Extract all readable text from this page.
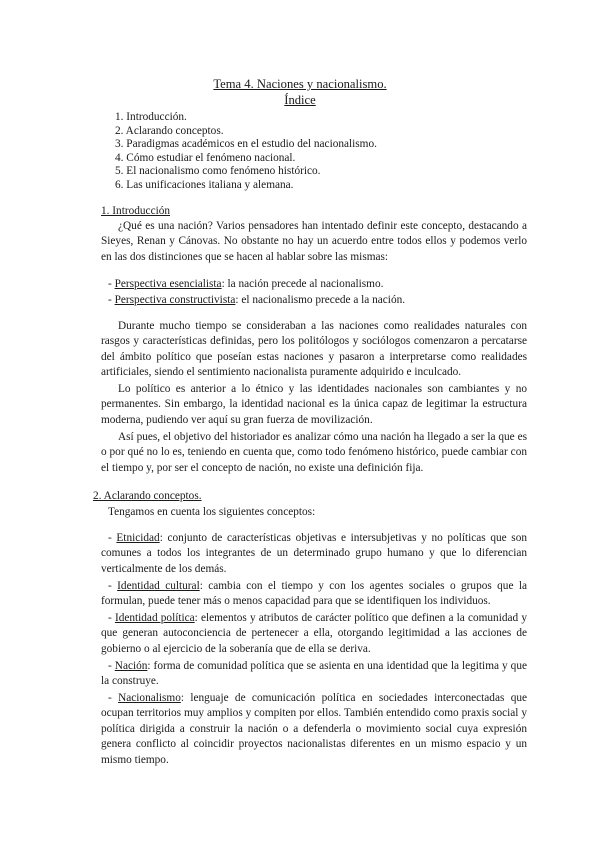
Tema 4. Naciones y nacionalismo.
Índice
1. Introducción.
2. Aclarando conceptos.
3. Paradigmas académicos en el estudio del nacionalismo.
4. Cómo estudiar el fenómeno nacional.
5. El nacionalismo como fenómeno histórico.
6. Las unificaciones italiana y alemana.
1. Introducción

¿Qué es una nación? Varios pensadores han intentado definir este concepto, destacando a Sieyes, Renan y Cánovas. No obstante no hay un acuerdo entre todos ellos y podemos verlo en las dos distinciones que se hacen al hablar sobre las mismas:

- Perspectiva esencialista: la nación precede al nacionalismo.
- Perspectiva constructivista: el nacionalismo precede a la nación.

Durante mucho tiempo se consideraban a las naciones como realidades naturales con rasgos y características definidas, pero los politólogos y sociólogos comenzaron a percatarse del ámbito político que poseían estas naciones y pasaron a interpretarse como realidades artificiales, siendo el sentimiento nacionalista puramente adquirido e inculcado.

Lo político es anterior a lo étnico y las identidades nacionales son cambiantes y no permanentes. Sin embargo, la identidad nacional es la única capaz de legitimar la estructura moderna, pudiendo ver aquí su gran fuerza de movilización.

Así pues, el objetivo del historiador es analizar cómo una nación ha llegado a ser la que es o por qué no lo es, teniendo en cuenta que, como todo fenómeno histórico, puede cambiar con el tiempo y, por ser el concepto de nación, no existe una definición fija.

2. Aclarando conceptos.
Tengamos en cuenta los siguientes conceptos:

- Etnicidad: conjunto de características objetivas e intersubjetivas y no políticas que son comunes a todos los integrantes de un determinado grupo humano y que lo diferencian verticalmente de los demás.

- Identidad cultural: cambia con el tiempo y con los agentes sociales o grupos que la formulan, puede tener más o menos capacidad para que se identifiquen los individuos.

- Identidad política: elementos y atributos de carácter político que definen a la comunidad y que generan autoconciencia de pertenecer a ella, otorgando legitimidad a las acciones de gobierno o al ejercicio de la soberanía que de ella se deriva.

- Nación: forma de comunidad política que se asienta en una identidad que la legitima y que la construye.

- Nacionalismo: lenguaje de comunicación política en sociedades interconectadas que ocupan territorios muy amplios y compiten por ellos. También entendido como praxis social y política dirigida a construir la nación o a defenderla o movimiento social cuya expresión genera conflicto al coincidir proyectos nacionalistas diferentes en un mismo espacio y un mismo tiempo.
